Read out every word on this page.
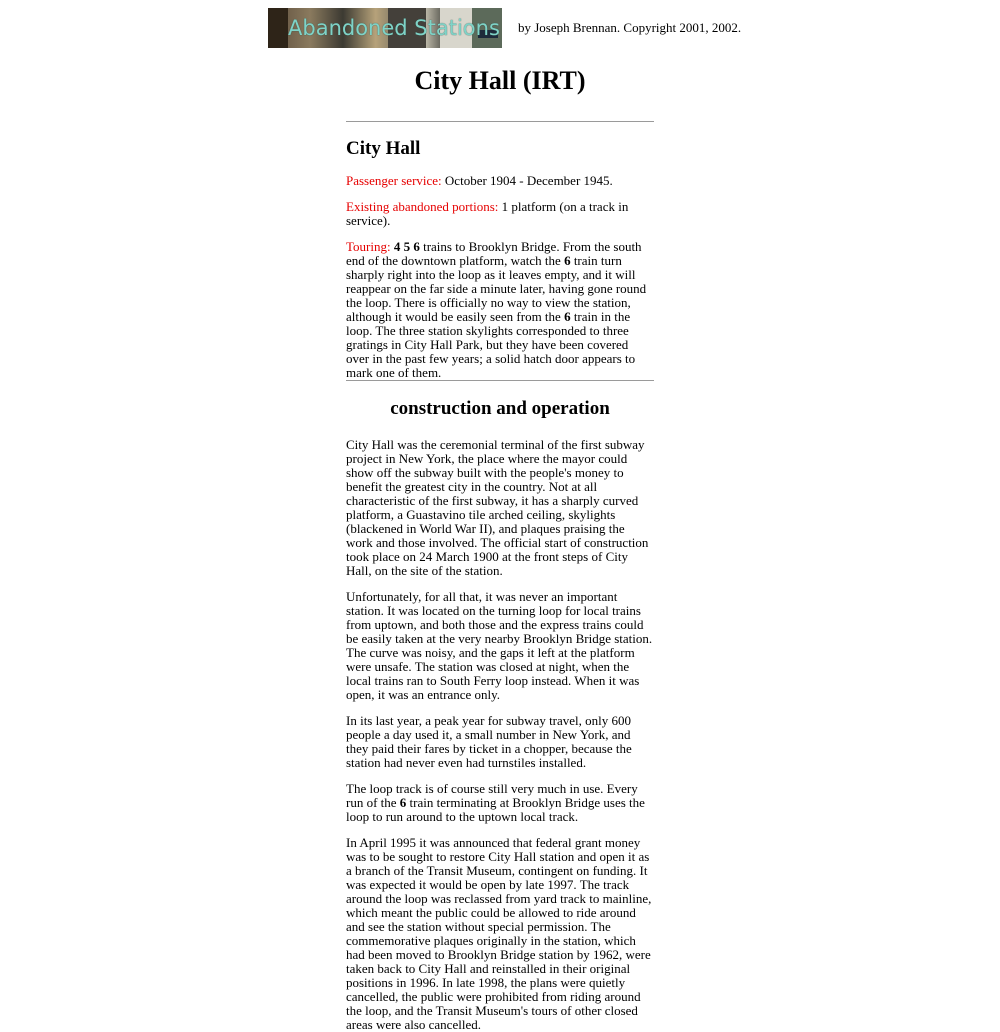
Abandoned Stations by Joseph Brennan. Copyright 2001, 2002.
City Hall (IRT)
City Hall

Passenger service: October 1904 - December 1945.

Existing abandoned portions: 1 platform (on a track in service).

Touring: 4 5 6 trains to Brooklyn Bridge. From the south end of the downtown platform, watch the 6 train turn sharply right into the loop as it leaves empty, and it will reappear on the far side a minute later, having gone round the loop. There is officially no way to view the station, although it would be easily seen from the 6 train in the loop. The three station skylights corresponded to three gratings in City Hall Park, but they have been covered over in the past few years; a solid hatch door appears to mark one of them.

construction and operation

City Hall was the ceremonial terminal of the first subway project in New York, the place where the mayor could show off the subway built with the people's money to benefit the greatest city in the country. Not at all characteristic of the first subway, it has a sharply curved platform, a Guastavino tile arched ceiling, skylights (blackened in World War II), and plaques praising the work and those involved. The official start of construction took place on 24 March 1900 at the front steps of City Hall, on the site of the station.

Unfortunately, for all that, it was never an important station. It was located on the turning loop for local trains from uptown, and both those and the express trains could be easily taken at the very nearby Brooklyn Bridge station. The curve was noisy, and the gaps it left at the platform were unsafe. The station was closed at night, when the local trains ran to South Ferry loop instead. When it was open, it was an entrance only.

In its last year, a peak year for subway travel, only 600 people a day used it, a small number in New York, and they paid their fares by ticket in a chopper, because the station had never even had turnstiles installed.

The loop track is of course still very much in use. Every run of the 6 train terminating at Brooklyn Bridge uses the loop to run around to the uptown local track.

In April 1995 it was announced that federal grant money was to be sought to restore City Hall station and open it as a branch of the Transit Museum, contingent on funding. It was expected it would be open by late 1997. The track around the loop was reclassed from yard track to mainline, which meant the public could be allowed to ride around and see the station without special permission. The commemorative plaques originally in the station, which had been moved to Brooklyn Bridge station by 1962, were taken back to City Hall and reinstalled in their original positions in 1996. In late 1998, the plans were quietly cancelled, the public were prohibited from riding around the loop, and the Transit Museum's tours of other closed areas were also cancelled.
